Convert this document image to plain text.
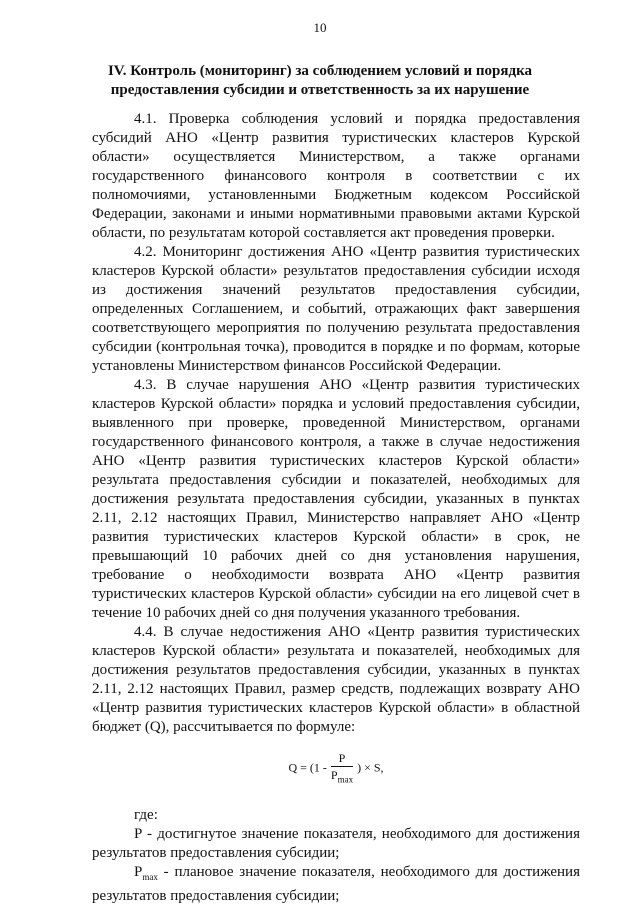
10
IV. Контроль (мониторинг) за соблюдением условий и порядка предоставления субсидии и ответственность за их нарушение

4.1. Проверка соблюдения условий и порядка предоставления субсидий АНО «Центр развития туристических кластеров Курской области» осуществляется Министерством, а также органами государственного финансового контроля в соответствии с их полномочиями, установленными Бюджетным кодексом Российской Федерации, законами и иными нормативными правовыми актами Курской области, по результатам которой составляется акт проведения проверки.

4.2. Мониторинг достижения АНО «Центр развития туристических кластеров Курской области» результатов предоставления субсидии исходя из достижения значений результатов предоставления субсидии, определенных Соглашением, и событий, отражающих факт завершения соответствующего мероприятия по получению результата предоставления субсидии (контрольная точка), проводится в порядке и по формам, которые установлены Министерством финансов Российской Федерации.

4.3. В случае нарушения АНО «Центр развития туристических кластеров Курской области» порядка и условий предоставления субсидии, выявленного при проверке, проведенной Министерством, органами государственного финансового контроля, а также в случае недостижения АНО «Центр развития туристических кластеров Курской области» результата предоставления субсидии и показателей, необходимых для достижения результата предоставления субсидии, указанных в пунктах 2.11, 2.12 настоящих Правил, Министерство направляет АНО «Центр развития туристических кластеров Курской области» в срок, не превышающий 10 рабочих дней со дня установления нарушения, требование о необходимости возврата АНО «Центр развития туристических кластеров Курской области» субсидии на его лицевой счет в течение 10 рабочих дней со дня получения указанного требования.

4.4. В случае недостижения АНО «Центр развития туристических кластеров Курской области» результата и показателей, необходимых для достижения результатов предоставления субсидии, указанных в пунктах 2.11, 2.12 настоящих Правил, размер средств, подлежащих возврату АНО «Центр развития туристических кластеров Курской области» в областной бюджет (Q), рассчитывается по формуле:

$Q = (1 - \frac{P}{P_{max}}$ ) × S,

где:

P - достигнутое значение показателя, необходимого для достижения результатов предоставления субсидии;

$P_{max}$ - плановое значение показателя, необходимого для достижения результатов предоставления субсидии;
